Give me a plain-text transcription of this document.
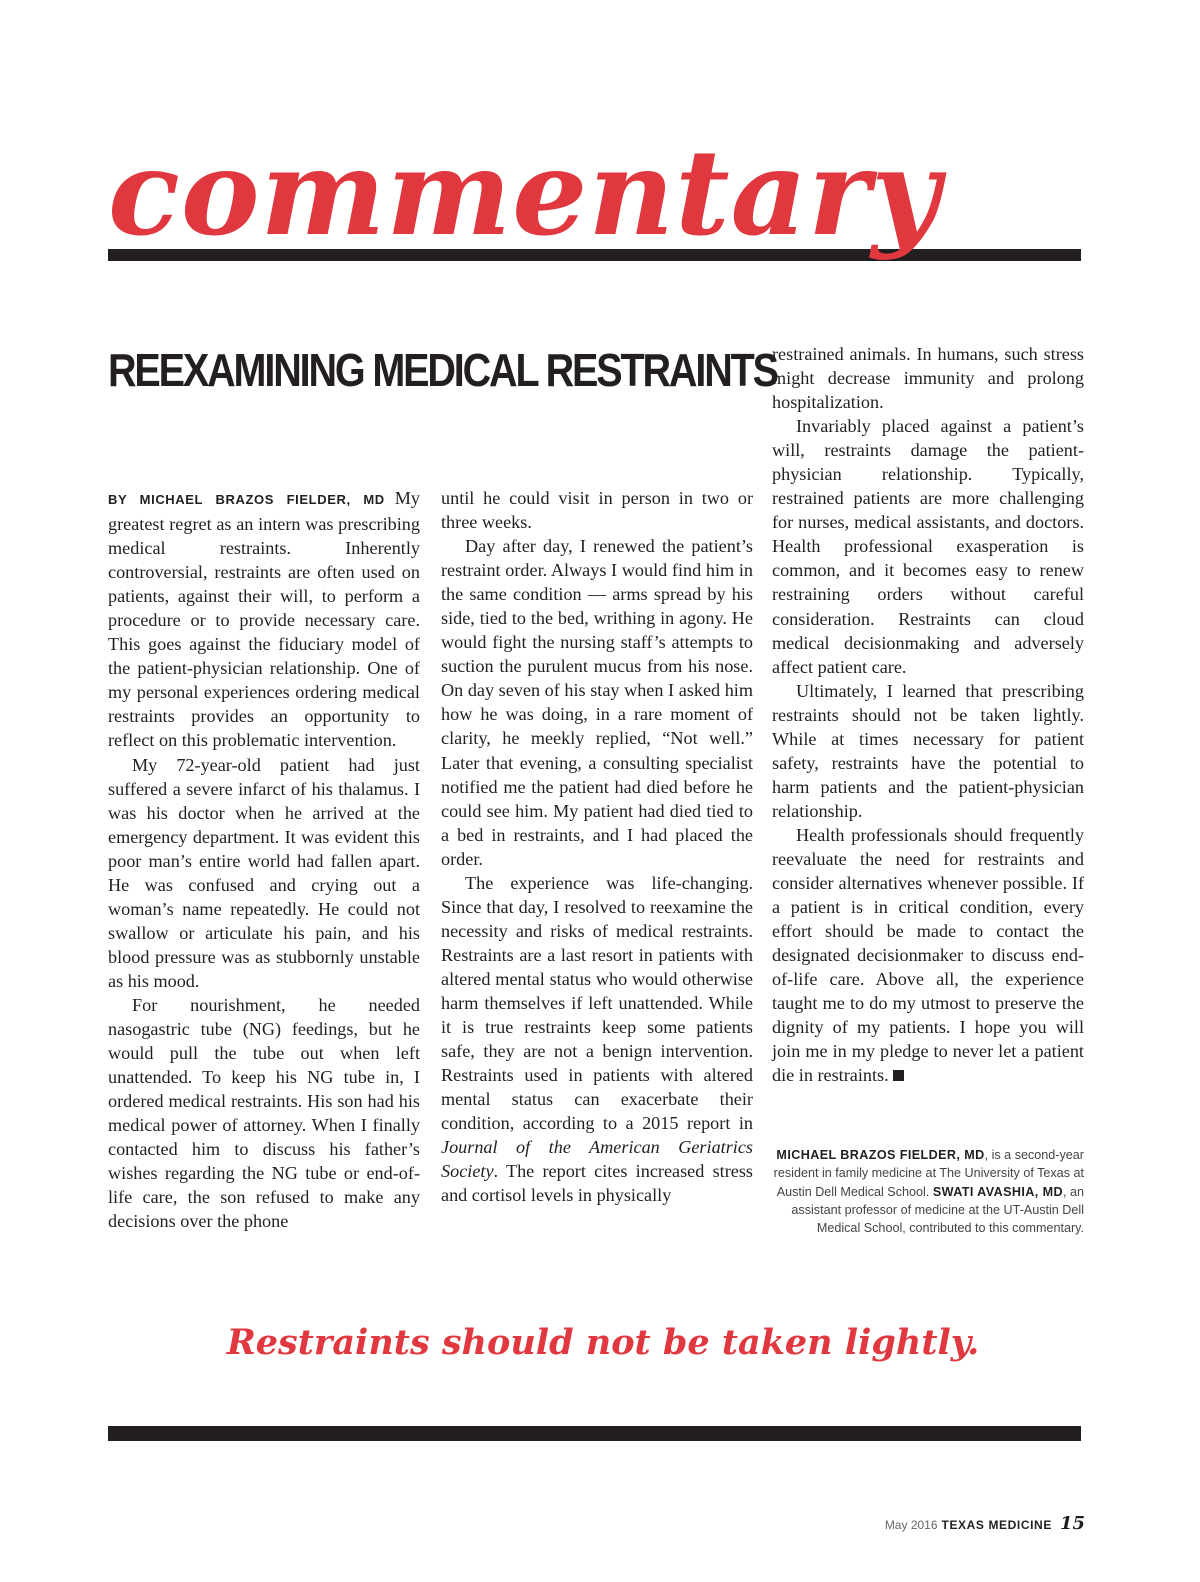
commentary
REEXAMINING MEDICAL RESTRAINTS

BY MICHAEL BRAZOS FIELDER, MD My greatest regret as an intern was prescribing medical restraints. Inherently controversial, restraints are often used on patients, against their will, to perform a procedure or to provide necessary care. This goes against the fiduciary model of the patient-physician relationship. One of my personal experiences ordering medical restraints provides an opportunity to reflect on this problematic intervention.

My 72-year-old patient had just suffered a severe infarct of his thalamus. I was his doctor when he arrived at the emergency department. It was evident this poor man’s entire world had fallen apart. He was confused and crying out a woman’s name repeatedly. He could not swallow or articulate his pain, and his blood pressure was as stubbornly unstable as his mood.

For nourishment, he needed nasogastric tube (NG) feedings, but he would pull the tube out when left unattended. To keep his NG tube in, I ordered medical restraints. His son had his medical power of attorney. When I finally contacted him to discuss his father’s wishes regarding the NG tube or end-of-life care, the son refused to make any decisions over the phone

until he could visit in person in two or three weeks.

Day after day, I renewed the patient’s restraint order. Always I would find him in the same condition — arms spread by his side, tied to the bed, writhing in agony. He would fight the nursing staff’s attempts to suction the purulent mucus from his nose. On day seven of his stay when I asked him how he was doing, in a rare moment of clarity, he meekly replied, “Not well.” Later that evening, a consulting specialist notified me the patient had died before he could see him. My patient had died tied to a bed in restraints, and I had placed the order.

The experience was life-changing. Since that day, I resolved to reexamine the necessity and risks of medical restraints. Restraints are a last resort in patients with altered mental status who would otherwise harm themselves if left unattended. While it is true restraints keep some patients safe, they are not a benign intervention. Restraints used in patients with altered mental status can exacerbate their condition, according to a 2015 report in Journal of the American Geriatrics Society. The report cites increased stress and cortisol levels in physically

restrained animals. In humans, such stress might decrease immunity and prolong hospitalization.

Invariably placed against a patient’s will, restraints damage the patient-physician relationship. Typically, restrained patients are more challenging for nurses, medical assistants, and doctors. Health professional exasperation is common, and it becomes easy to renew restraining orders without careful consideration. Restraints can cloud medical decisionmaking and adversely affect patient care.

Ultimately, I learned that prescribing restraints should not be taken lightly. While at times necessary for patient safety, restraints have the potential to harm patients and the patient-physician relationship.

Health professionals should frequently reevaluate the need for restraints and consider alternatives whenever possible. If a patient is in critical condition, every effort should be made to contact the designated decisionmaker to discuss end-of-life care. Above all, the experience taught me to do my utmost to preserve the dignity of my patients. I hope you will join me in my pledge to never let a patient die in restraints.

MICHAEL BRAZOS FIELDER, MD, is a second-year resident in family medicine at The University of Texas at Austin Dell Medical School. SWATI AVASHIA, MD, an assistant professor of medicine at the UT-Austin Dell Medical School, contributed to this commentary.
Restraints should not be taken lightly.
May 2016 TEXAS MEDICINE 15
